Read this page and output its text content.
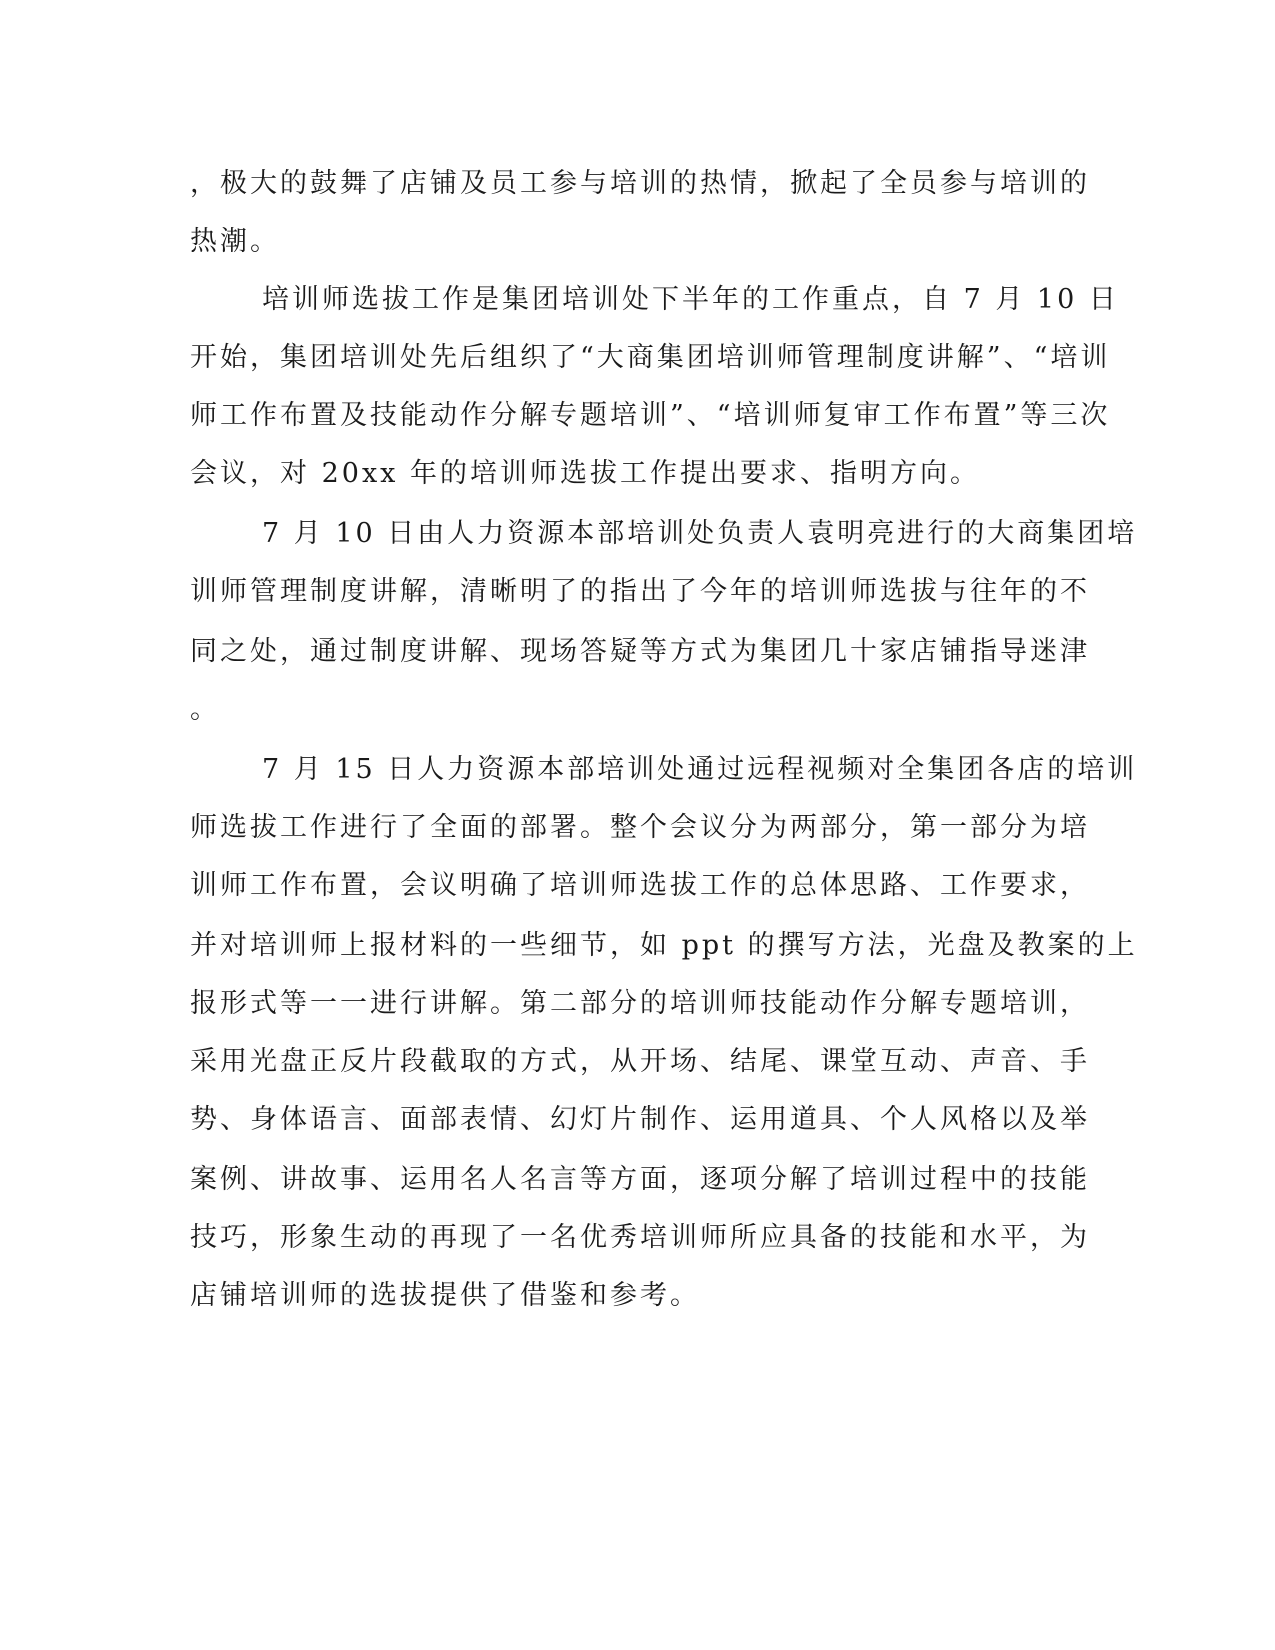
，极大的鼓舞了店铺及员工参与培训的热情，掀起了全员参与培训的

热潮。

培训师选拔工作是集团培训处下半年的工作重点，自 7 月 10 日

开始，集团培训处先后组织了“大商集团培训师管理制度讲解”、“培训

师工作布置及技能动作分解专题培训”、“培训师复审工作布置”等三次

会议，对 20xx 年的培训师选拔工作提出要求、指明方向。

7 月 10 日由人力资源本部培训处负责人袁明亮进行的大商集团培

训师管理制度讲解，清晰明了的指出了今年的培训师选拔与往年的不

同之处，通过制度讲解、现场答疑等方式为集团几十家店铺指导迷津

。

7 月 15 日人力资源本部培训处通过远程视频对全集团各店的培训

师选拔工作进行了全面的部署。整个会议分为两部分，第一部分为培

训师工作布置，会议明确了培训师选拔工作的总体思路、工作要求，

并对培训师上报材料的一些细节，如 ppt 的撰写方法，光盘及教案的上

报形式等一一进行讲解。第二部分的培训师技能动作分解专题培训，

采用光盘正反片段截取的方式，从开场、结尾、课堂互动、声音、手

势、身体语言、面部表情、幻灯片制作、运用道具、个人风格以及举

案例、讲故事、运用名人名言等方面，逐项分解了培训过程中的技能

技巧，形象生动的再现了一名优秀培训师所应具备的技能和水平，为

店铺培训师的选拔提供了借鉴和参考。
